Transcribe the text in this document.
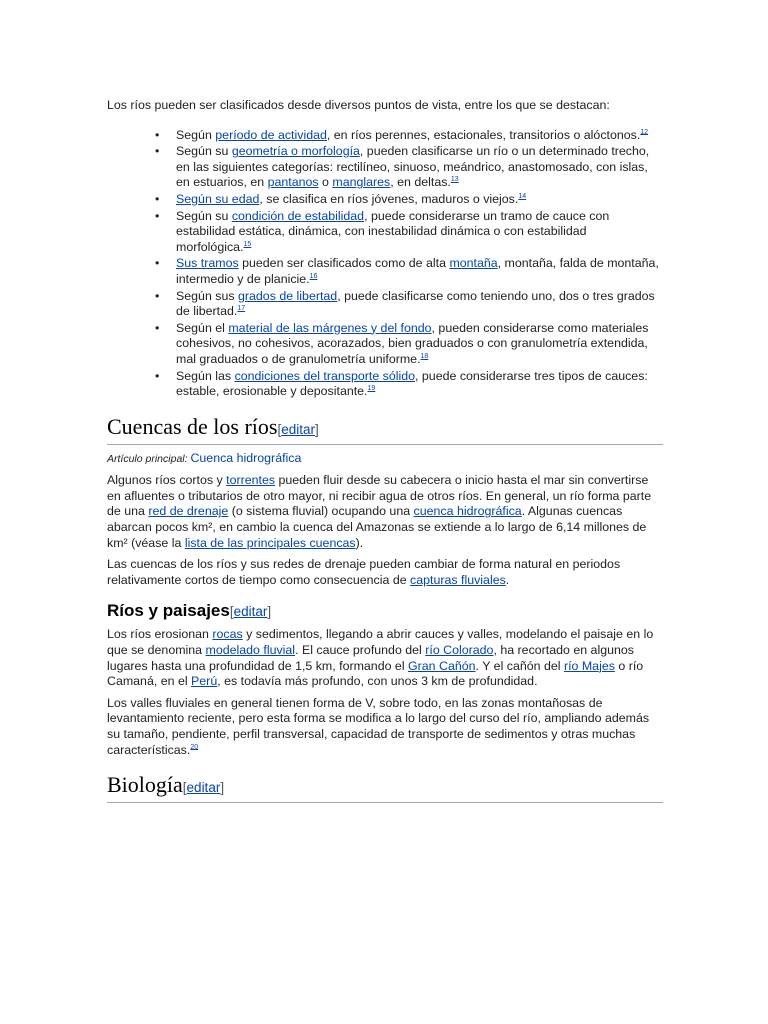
Los ríos pueden ser clasificados desde diversos puntos de vista, entre los que se destacan:

• Según período de actividad, en ríos perennes, estacionales, transitorios o alóctonos.$^{12}$
• Según su geometría o morfología, pueden clasificarse un río o un determinado trecho, en las siguientes categorías: rectilíneo, sinuoso, meándrico, anastomosado, con islas, en estuarios, en pantanos o manglares, en deltas.$^{13}$
• Según su edad, se clasifica en ríos jóvenes, maduros o viejos.$^{14}$
• Según su condición de estabilidad, puede considerarse un tramo de cauce con estabilidad estática, dinámica, con inestabilidad dinámica o con estabilidad morfológica.$^{15}$
• Sus tramos pueden ser clasificados como de alta montaña, montaña, falda de montaña, intermedio y de planicie.$^{16}$
• Según sus grados de libertad, puede clasificarse como teniendo uno, dos o tres grados de libertad.$^{17}$
• Según el material de las márgenes y del fondo, pueden considerarse como materiales cohesivos, no cohesivos, acorazados, bien graduados o con granulometría extendida, mal graduados o de granulometría uniforme.$^{18}$
• Según las condiciones del transporte sólido, puede considerarse tres tipos de cauces: estable, erosionable y depositante.$^{19}$
Cuencas de los ríos[editar]
Artículo principal: Cuenca hidrográfica

Algunos ríos cortos y torrentes pueden fluir desde su cabecera o inicio hasta el mar sin convertirse en afluentes o tributarios de otro mayor, ni recibir agua de otros ríos. En general, un río forma parte de una red de drenaje (o sistema fluvial) ocupando una cuenca hidrográfica. Algunas cuencas abarcan pocos km², en cambio la cuenca del Amazonas se extiende a lo largo de 6,14 millones de km² (véase la lista de las principales cuencas).

Las cuencas de los ríos y sus redes de drenaje pueden cambiar de forma natural en periodos relativamente cortos de tiempo como consecuencia de capturas fluviales.

Ríos y paisajes[editar]

Los ríos erosionan rocas y sedimentos, llegando a abrir cauces y valles, modelando el paisaje en lo que se denomina modelado fluvial. El cauce profundo del río Colorado, ha recortado en algunos lugares hasta una profundidad de 1,5 km, formando el Gran Cañón. Y el cañón del río Majes o río Camaná, en el Perú, es todavía más profundo, con unos 3 km de profundidad.

Los valles fluviales en general tienen forma de V, sobre todo, en las zonas montañosas de levantamiento reciente, pero esta forma se modifica a lo largo del curso del río, ampliando además su tamaño, pendiente, perfil transversal, capacidad de transporte de sedimentos y otras muchas características.$^{20}$

Biología[editar]
